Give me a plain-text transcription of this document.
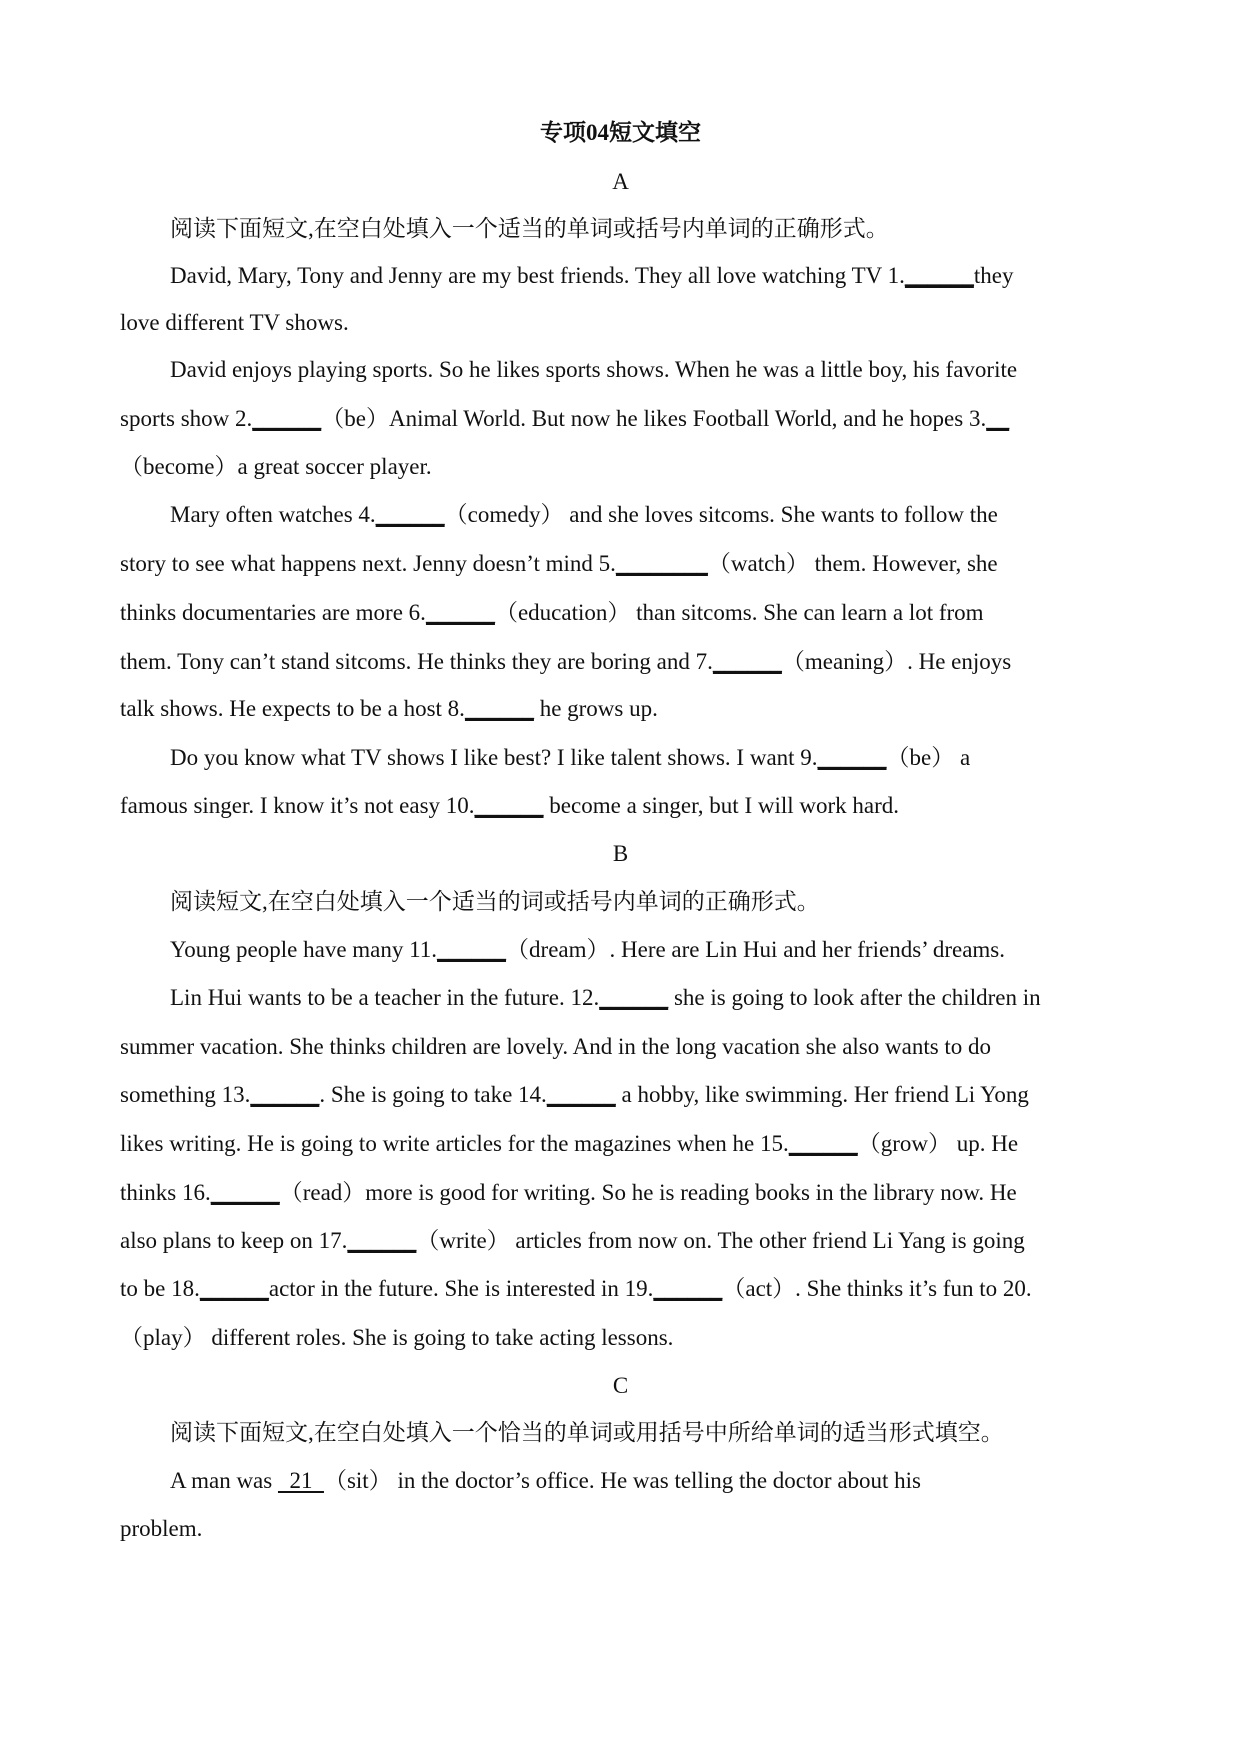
专项04短文填空

A

阅读下面短文,在空白处填入一个适当的单词或括号内单词的正确形式。

David, Mary, Tony and Jenny are my best friends. They all love watching TV 1.______they

love different TV shows.

David enjoys playing sports. So he likes sports shows. When he was a little boy, his favorite

sports show 2.______（be）Animal World. But now he likes Football World, and he hopes 3.__

（become）a great soccer player.

Mary often watches 4.______（comedy） and she loves sitcoms. She wants to follow the

story to see what happens next. Jenny doesn’t mind 5.________（watch） them. However, she

thinks documentaries are more 6.______（education） than sitcoms. She can learn a lot from

them. Tony can’t stand sitcoms. He thinks they are boring and 7.______（meaning）. He enjoys

talk shows. He expects to be a host 8.______ he grows up.

Do you know what TV shows I like best? I like talent shows. I want 9.______（be） a

famous singer. I know it’s not easy 10.______ become a singer, but I will work hard.

B

阅读短文,在空白处填入一个适当的词或括号内单词的正确形式。

Young people have many 11.______（dream）. Here are Lin Hui and her friends’ dreams.

Lin Hui wants to be a teacher in the future. 12.______ she is going to look after the children in

summer vacation. She thinks children are lovely. And in the long vacation she also wants to do

something 13.______. She is going to take 14.______ a hobby, like swimming. Her friend Li Yong

likes writing. He is going to write articles for the magazines when he 15.______（grow） up. He

thinks 16.______（read）more is good for writing. So he is reading books in the library now. He

also plans to keep on 17.______（write） articles from now on. The other friend Li Yang is going

to be 18.______actor in the future. She is interested in 19.______（act）. She thinks it’s fun to 20.

（play） different roles. She is going to take acting lessons.

C

阅读下面短文,在空白处填入一个恰当的单词或用括号中所给单词的适当形式填空。

A man was   21  （sit） in the doctor’s office. He was telling the doctor about his

problem.
